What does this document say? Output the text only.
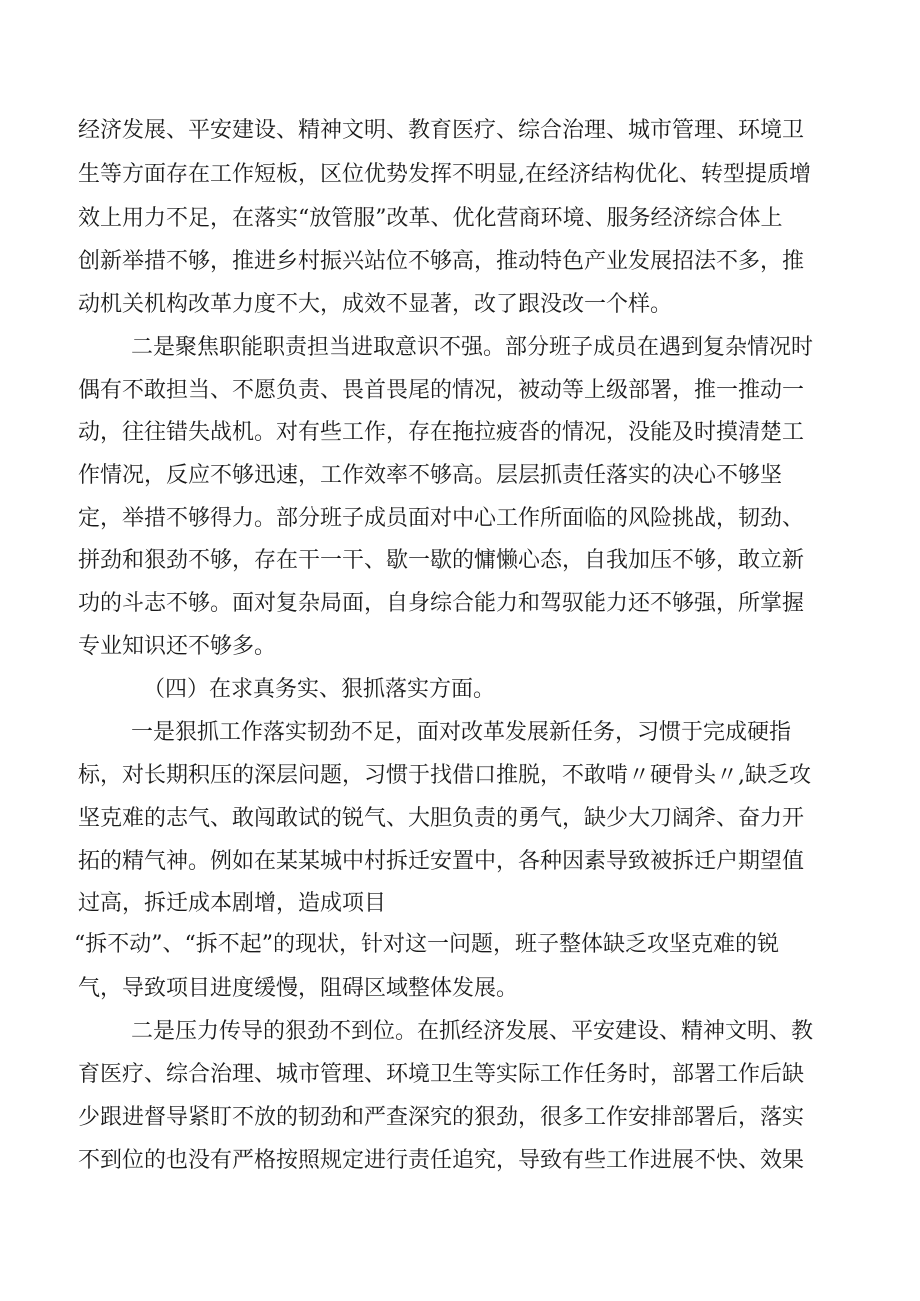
经济发展、平安建设、精神文明、教育医疗、综合治理、城市管理、环境卫
生等方面存在工作短板，区位优势发挥不明显,在经济结构优化、转型提质增
效上用力不足，在落实“放管服”改革、优化营商环境、服务经济综合体上
创新举措不够，推进乡村振兴站位不够高，推动特色产业发展招法不多，推
动机关机构改革力度不大，成效不显著，改了跟没改一个样。
二是聚焦职能职责担当进取意识不强。部分班子成员在遇到复杂情况时
偶有不敢担当、不愿负责、畏首畏尾的情况，被动等上级部署，推一推动一
动，往往错失战机。对有些工作，存在拖拉疲沓的情况，没能及时摸清楚工
作情况，反应不够迅速，工作效率不够高。层层抓责任落实的决心不够坚
定，举措不够得力。部分班子成员面对中心工作所面临的风险挑战，韧劲、
拼劲和狠劲不够，存在干一干、歇一歇的慵懒心态，自我加压不够，敢立新
功的斗志不够。面对复杂局面，自身综合能力和驾驭能力还不够强，所掌握
专业知识还不够多。
（四）在求真务实、狠抓落实方面。
一是狠抓工作落实韧劲不足，面对改革发展新任务，习惯于完成硬指
标，对长期积压的深层问题，习惯于找借口推脱，不敢啃〃硬骨头〃,缺乏攻
坚克难的志气、敢闯敢试的锐气、大胆负责的勇气，缺少大刀阔斧、奋力开
拓的精气神。例如在某某城中村拆迁安置中，各种因素导致被拆迁户期望值
过高，拆迁成本剧增，造成项目
“拆不动”、“拆不起”的现状，针对这一问题，班子整体缺乏攻坚克难的锐
气，导致项目进度缓慢，阻碍区域整体发展。
二是压力传导的狠劲不到位。在抓经济发展、平安建设、精神文明、教
育医疗、综合治理、城市管理、环境卫生等实际工作任务时，部署工作后缺
少跟进督导紧盯不放的韧劲和严查深究的狠劲，很多工作安排部署后，落实
不到位的也没有严格按照规定进行责任追究，导致有些工作进展不快、效果
